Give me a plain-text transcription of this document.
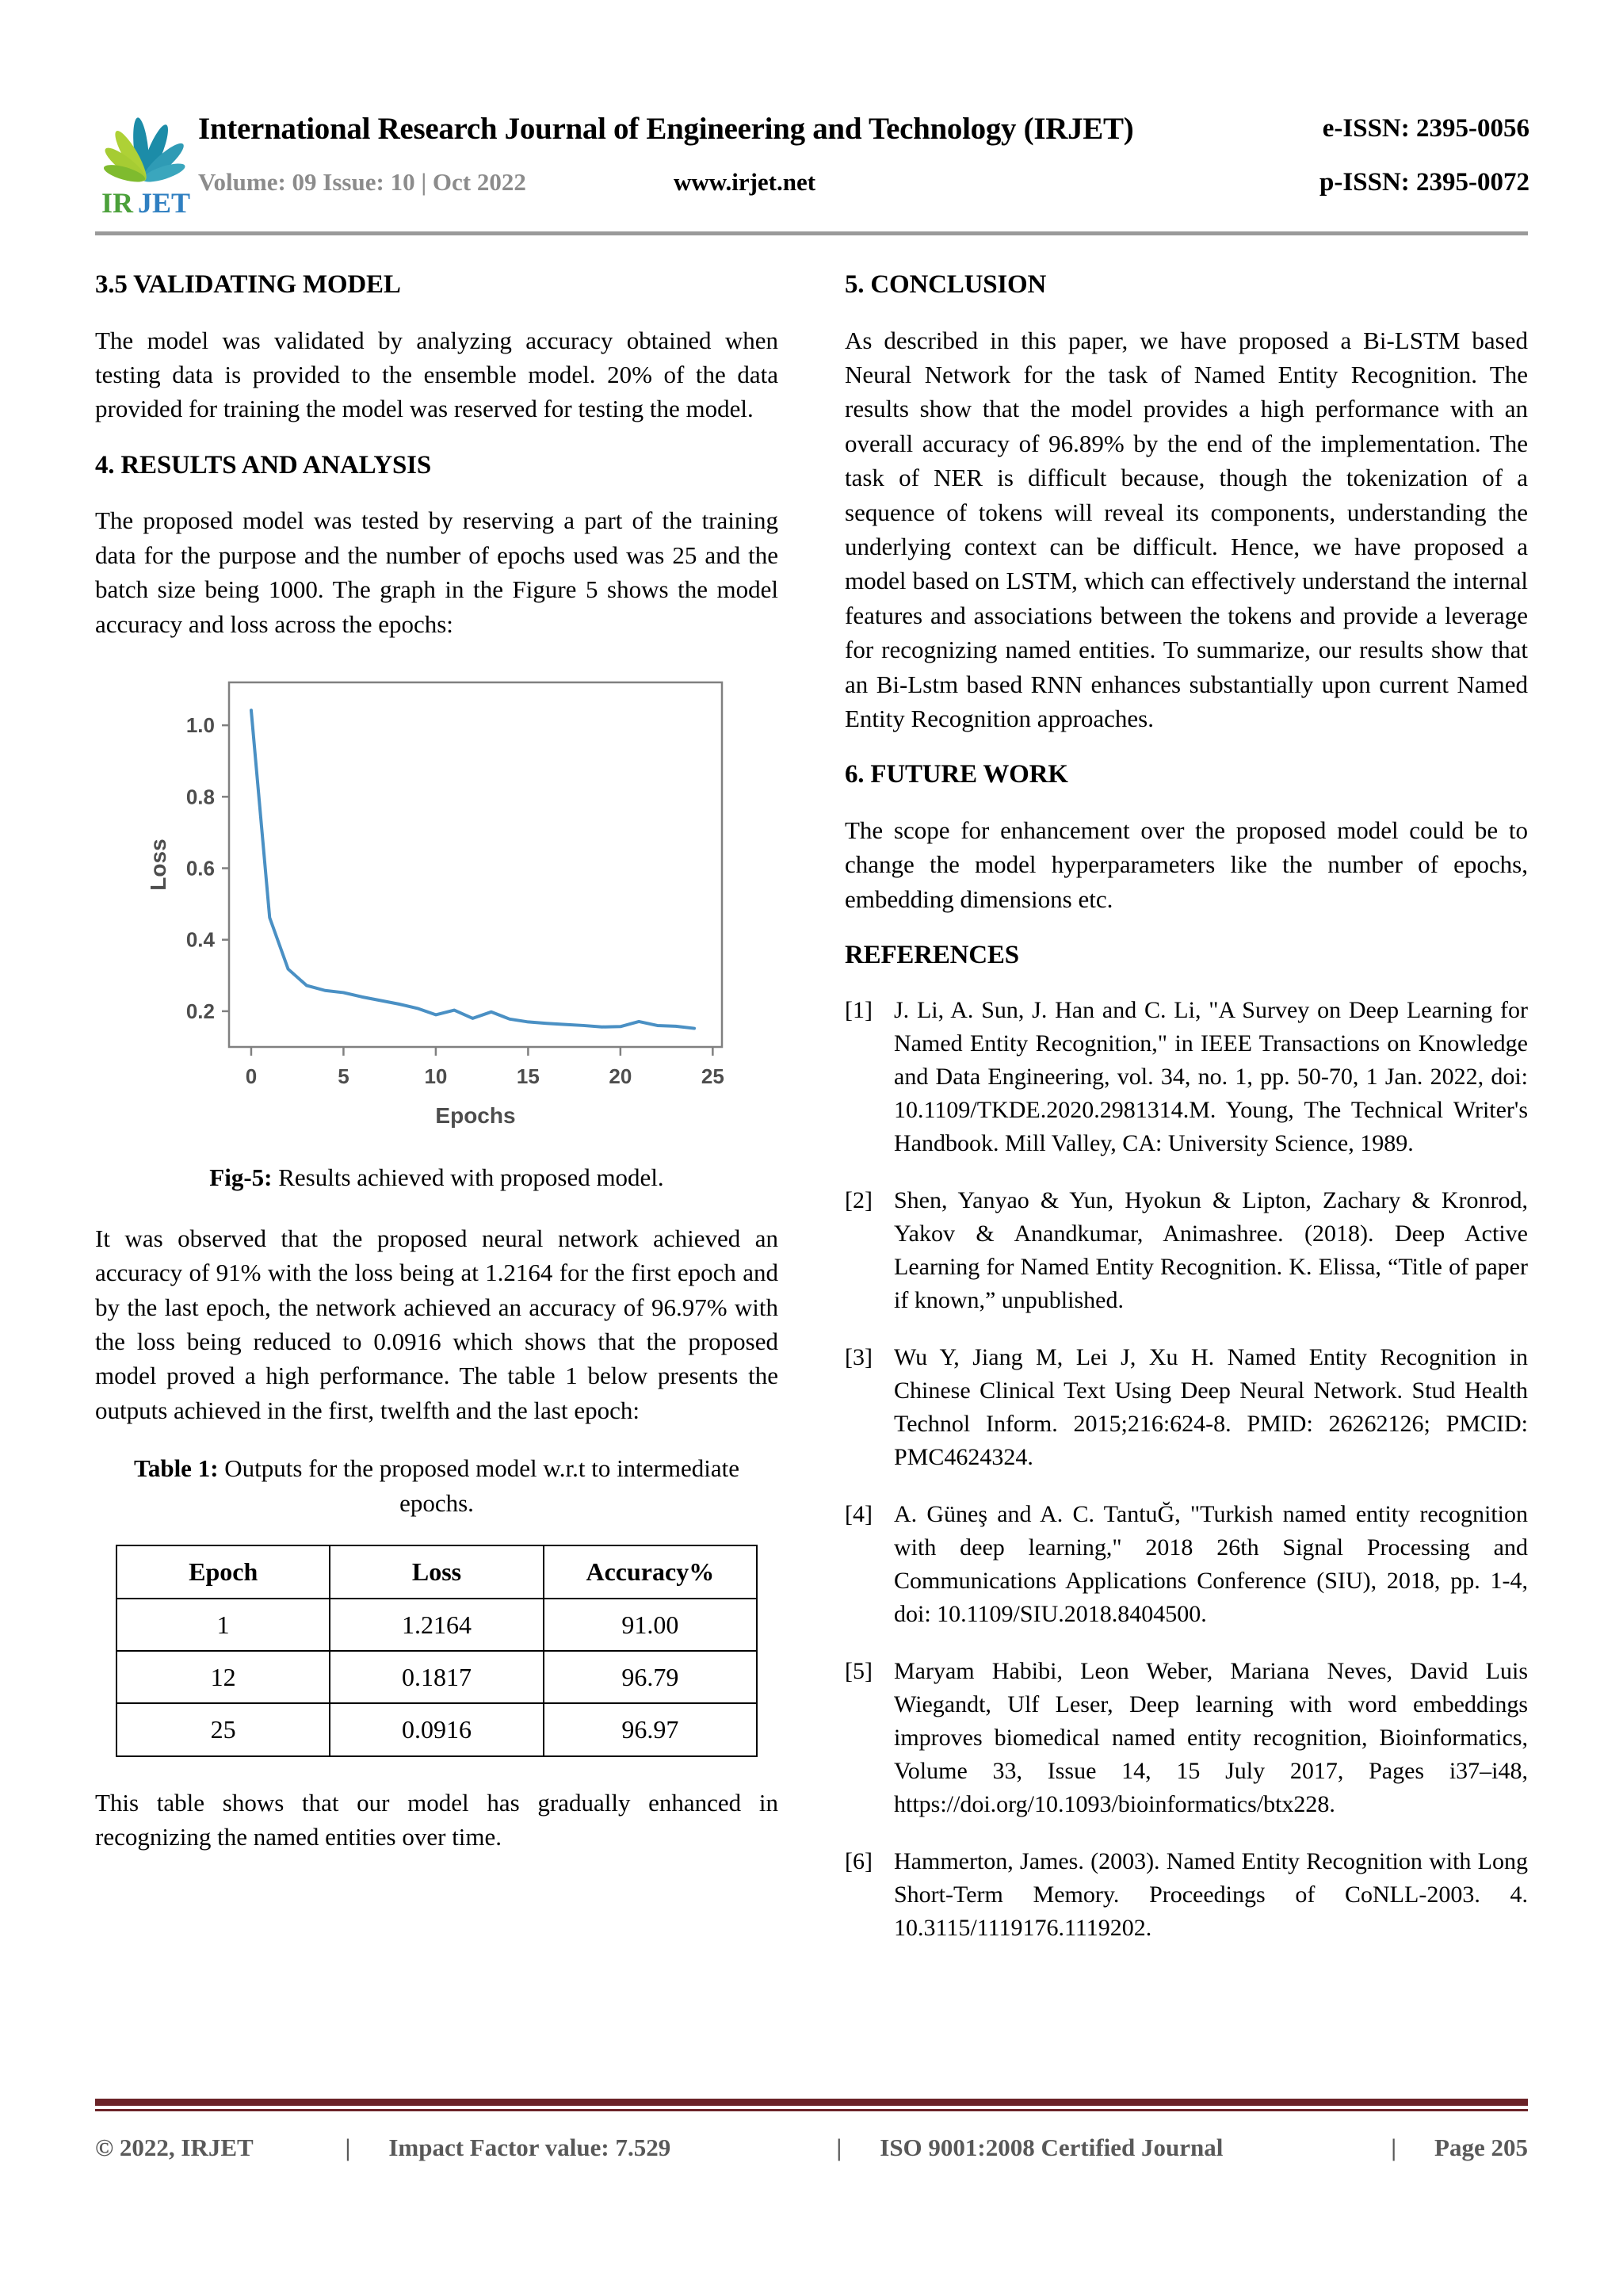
IR JET
International Research Journal of Engineering and Technology (IRJET)	e-ISSN: 2395-0056
Volume: 09 Issue: 10 | Oct 2022	www.irjet.net	p-ISSN: 2395-0072
3.5 VALIDATING MODEL

The model was validated by analyzing accuracy obtained when testing data is provided to the ensemble model. 20% of the data provided for training the model was reserved for testing the model.

4. RESULTS AND ANALYSIS

The proposed model was tested by reserving a part of the training data for the purpose and the number of epochs used was 25 and the batch size being 1000. The graph in the Figure 5 shows the model accuracy and loss across the epochs:

0.2
0.4
0.6
0.8
1.0
0	5	10	15	20	25
Epochs
Loss
Fig-5: Results achieved with proposed model.

It was observed that the proposed neural network achieved an accuracy of 91% with the loss being at 1.2164 for the first epoch and by the last epoch, the network achieved an accuracy of 96.97% with the loss being reduced to 0.0916 which shows that the proposed model proved a high performance. The table 1 below presents the outputs achieved in the first, twelfth and the last epoch:

Table 1: Outputs for the proposed model w.r.t to intermediate epochs.
Epoch	Loss	Accuracy%
1	1.2164	91.00
12	0.1817	96.79
25	0.0916	96.97

This table shows that our model has gradually enhanced in recognizing the named entities over time.

5. CONCLUSION

As described in this paper, we have proposed a Bi-LSTM based Neural Network for the task of Named Entity Recognition. The results show that the model provides a high performance with an overall accuracy of 96.89% by the end of the implementation. The task of NER is difficult because, though the tokenization of a sequence of tokens will reveal its components, understanding the underlying context can be difficult. Hence, we have proposed a model based on LSTM, which can effectively understand the internal features and associations between the tokens and provide a leverage for recognizing named entities. To summarize, our results show that an Bi-Lstm based RNN enhances substantially upon current Named Entity Recognition approaches.

6. FUTURE WORK

The scope for enhancement over the proposed model could be to change the model hyperparameters like the number of epochs, embedding dimensions etc.

REFERENCES
[1] J. Li, A. Sun, J. Han and C. Li, "A Survey on Deep Learning for Named Entity Recognition," in IEEE Transactions on Knowledge and Data Engineering, vol. 34, no. 1, pp. 50-70, 1 Jan. 2022, doi: 10.1109/TKDE.2020.2981314.M. Young, The Technical Writer's Handbook. Mill Valley, CA: University Science, 1989.
[2] Shen, Yanyao & Yun, Hyokun & Lipton, Zachary & Kronrod, Yakov & Anandkumar, Animashree. (2018). Deep Active Learning for Named Entity Recognition. K. Elissa, “Title of paper if known,” unpublished.
[3] Wu Y, Jiang M, Lei J, Xu H. Named Entity Recognition in Chinese Clinical Text Using Deep Neural Network. Stud Health Technol Inform. 2015;216:624-8. PMID: 26262126; PMCID: PMC4624324.
[4] A. Güneş and A. C. TantuĞ, "Turkish named entity recognition with deep learning," 2018 26th Signal Processing and Communications Applications Conference (SIU), 2018, pp. 1-4, doi: 10.1109/SIU.2018.8404500.
[5] Maryam Habibi, Leon Weber, Mariana Neves, David Luis Wiegandt, Ulf Leser, Deep learning with word embeddings improves biomedical named entity recognition, Bioinformatics, Volume 33, Issue 14, 15 July 2017, Pages i37–i48, https://doi.org/10.1093/bioinformatics/btx228.
[6] Hammerton, James. (2003). Named Entity Recognition with Long Short-Term Memory. Proceedings of CoNLL-2003. 4. 10.3115/1119176.1119202.
© 2022, IRJET	|	Impact Factor value: 7.529	|	ISO 9001:2008 Certified Journal	|	Page 205
